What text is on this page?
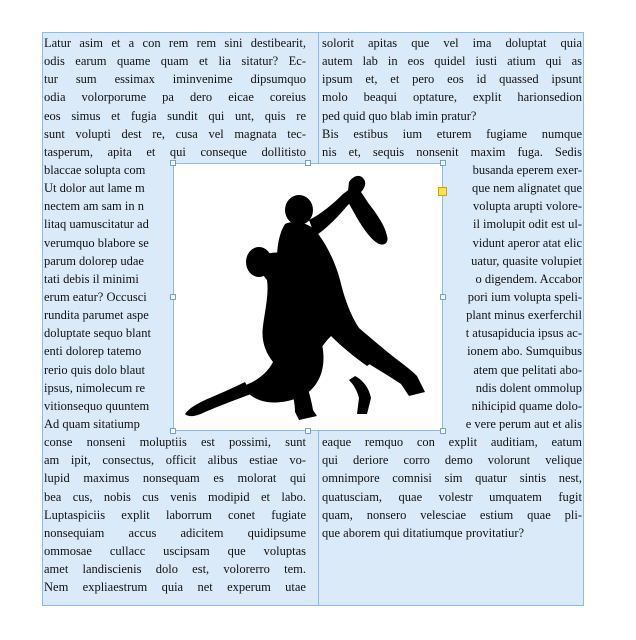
Latur asim et a con rem rem sini destibearit,
odis earum quame quam et lia sitatur? Ec-
tur sum essimax iminvenime dipsumquo
odia volorporume pa dero eicae coreius
eos simus et fugia sundit qui unt, quis re
sunt volupti dest re, cusa vel magnata tec-
tasperum, apita et qui conseque dollitisto
blaccae solupta com
Ut dolor aut lame m
nectem am sam in n
litaq uamuscitatur ad
verumquo blabore se
parum dolorep udae
tati debis il minimi
erum eatur? Occusci
rundita parumet aspe
doluptate sequo blant
enti dolorep tatemo
rerio quis dolo blaut
ipsus, nimolecum re
vitionsequo quuntem
Ad quam sitatiump
conse nonseni moluptiis est possimi, sunt
am ipit, consectus, officit alibus estiae vo-
lupid maximus nonsequam es molorat qui
bea cus, nobis cus venis modipid et labo.
Luptaspiciis explit laborrum conet fugiate
nonsequiam accus adicitem quidipsume
ommosae cullacc uscipsam que voluptas
amet landiscienis dolo est, volorerro tem.
Nem expliaestrum quia net experum utae
solorit apitas que vel ima doluptat quia
autem lab in eos quidel iusti atium qui as
ipsum et, et pero eos id quassed ipsunt
molo beaqui optature, explit harionsedion
ped quid quo blab imin pratur?
Bis estibus ium eturem fugiame numque
nis et, sequis nonsenit maxim fuga. Sedis
busanda eperem exer-
que nem alignatet que
volupta arupti volore-
il imolupit odit est ul-
vidunt aperor atat elic
uatur, quasite volupiet
o digendem. Accabor
pori ium volupta speli-
plant minus exerferchil
t atusapiducia ipsus ac-
ionem abo. Sumquibus
atem que pelitati abo-
ndis dolent ommolup
nihicipid quame dolo-
e vere perum aut et alis
eaque remquo con explit auditiam, eatum
qui deriore corro demo volorunt velique
omnimpore comnisi sim quatur sintis nest,
quatusciam, quae volestr umquatem fugit
quam, nonsero velesciae estium quae pli-
que aborem qui ditatiumque provitatiur?
